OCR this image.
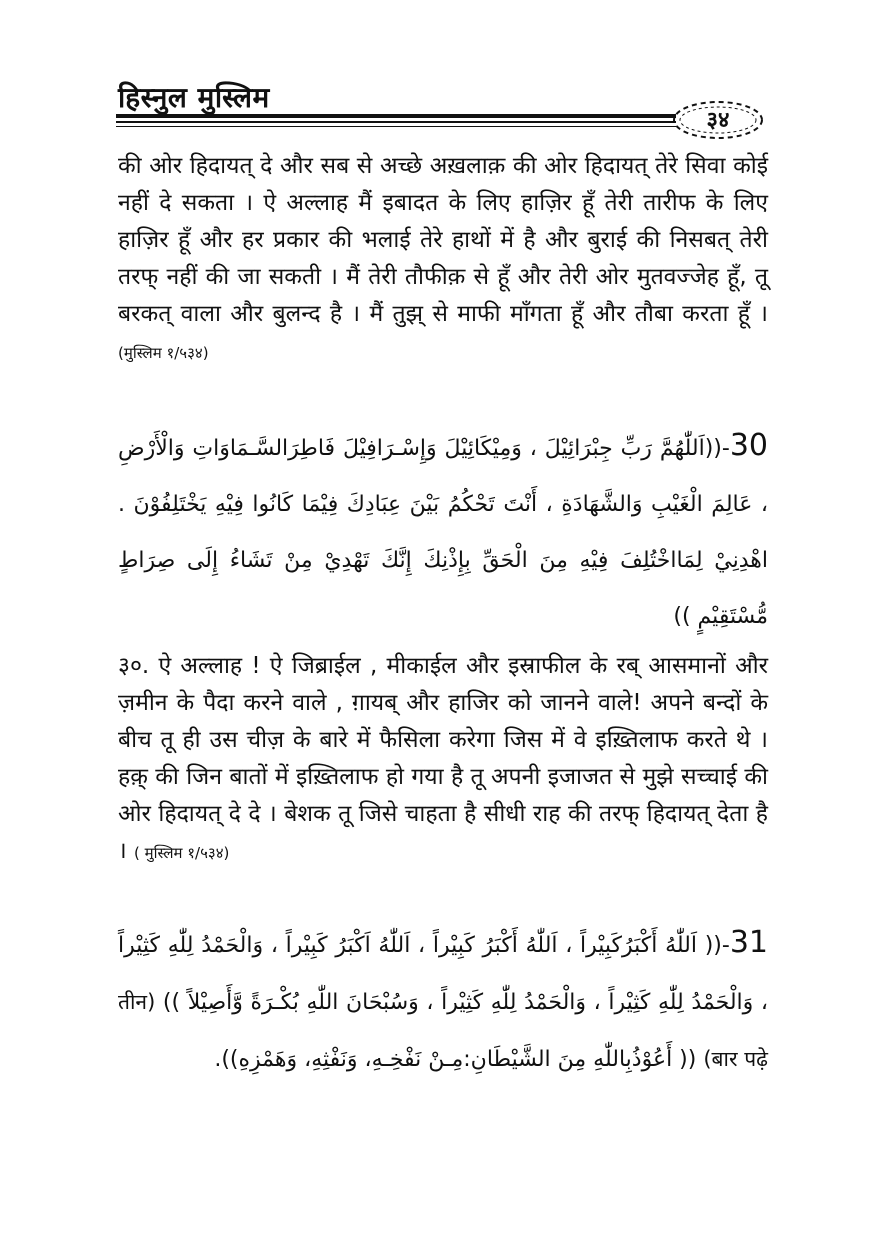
हिस्नुल मुस्लिम
३४

की ओर हिदायत् दे और सब से अच्छे अख़लाक़ की ओर हिदायत् तेरे सिवा कोई नहीं दे सकता । ऐ अल्लाह मैं इबादत के लिए हाज़िर हूँ तेरी तारीफ के लिए हाज़िर हूँ और हर प्रकार की भलाई तेरे हाथों में है और बुराई की निसबत् तेरी तरफ् नहीं की जा सकती । मैं तेरी तौफीक़ से हूँ और तेरी ओर मुतवज्जेह हूँ, तू बरकत् वाला और बुलन्द है । मैं तुझ् से माफी माँगता हूँ और तौबा करता हूँ । (मुस्लिम १/५३४)

30-((اَللّٰهُمَّ رَبِّ جِبْرَائِيْلَ ، وَمِيْكَائِيْلَ وَإِسْـرَافِيْلَ فَاطِرَالسَّـمَاوَاتِ وَالْأَرْضِ ، عَالِمَ الْغَيْبِ وَالشَّهَادَةِ ، أَنْتَ تَحْكُمُ بَيْنَ عِبَادِكَ فِيْمَا كَانُوا فِيْهِ يَخْتَلِفُوْنَ . اهْدِنِيْ لِمَااخْتُلِفَ فِيْهِ مِنَ الْحَقِّ بِإِذْنِكَ إِنَّكَ تَهْدِيْ مِنْ تَشَاءُ إِلَى صِرَاطٍ مُّسْتَقِيْمٍ ))

३०. ऐ अल्लाह ! ऐ जिब्राईल , मीकाईल और इस्राफील के रब् आसमानों और ज़मीन के पैदा करने वाले , ग़ायब् और हाजिर को जानने वाले! अपने बन्दों के बीच तू ही उस चीज़ के बारे में फैसिला करेगा जिस में वे इख़्तिलाफ करते थे । हक़् की जिन बातों में इख़्तिलाफ हो गया है तू अपनी इजाजत से मुझे सच्चाई की ओर हिदायत् दे दे । बेशक तू जिसे चाहता है सीधी राह की तरफ् हिदायत् देता है । ( मुस्लिम १/५३४)

31-(( اَللّٰهُ أَكْبَرُكَبِيْراً ، اَللّٰهُ أَكْبَرُ كَبِيْراً ، اَللّٰهُ اَكْبَرُ كَبِيْراً ، وَالْحَمْدُ لِلّٰهِ كَثِيْراً ، وَالْحَمْدُ لِلّٰهِ كَثِيْراً ، وَالْحَمْدُ لِلّٰهِ كَثِيْراً ، وَسُبْحَانَ اللّٰهِ بُكْـرَةً وَّأَصِيْلاً )) (तीन बार पढ़े) (( أَعُوْذُبِاللّٰهِ مِنَ الشَّيْطَانِ:مِـنْ نَفْخِـهِ، وَنَفْثِهِ، وَهَمْزِهِ)).
